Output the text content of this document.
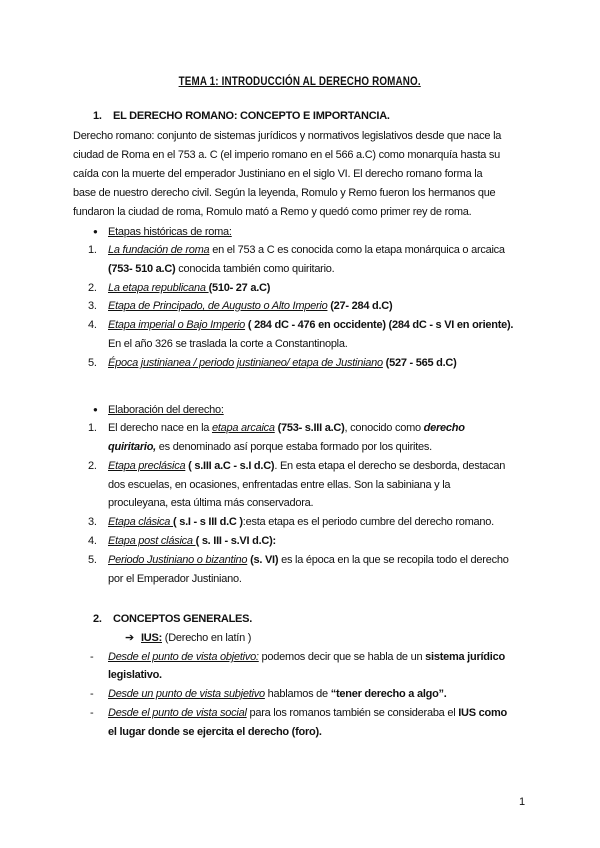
TEMA 1: INTRODUCCIÓN AL DERECHO ROMANO.
1. EL DERECHO ROMANO: CONCEPTO E IMPORTANCIA.
Derecho romano: conjunto de sistemas jurídicos y normativos legislativos desde que nace la
ciudad de Roma en el 753 a. C (el imperio romano en el 566 a.C) como monarquía hasta su
caída con la muerte del emperador Justiniano en el siglo VI. El derecho romano forma la
base de nuestro derecho civil. Según la leyenda, Romulo y Remo fueron los hermanos que
fundaron la ciudad de roma, Romulo mató a Remo y quedó como primer rey de roma.
● Etapas históricas de roma:
1. La fundación de roma en el 753 a C es conocida como la etapa monárquica o arcaica
(753- 510 a.C) conocida también como quiritario.
2. La etapa republicana (510- 27 a.C)
3. Etapa de Principado, de Augusto o Alto Imperio (27- 284 d.C)
4. Etapa imperial o Bajo Imperio ( 284 dC - 476 en occidente) (284 dC - s VI en oriente).
En el año 326 se traslada la corte a Constantinopla.
5. Época justinianea / periodo justinianeo/ etapa de Justiniano (527 - 565 d.C)
● Elaboración del derecho:
1. El derecho nace en la etapa arcaica (753- s.III a.C), conocido como derecho
quiritario, es denominado así porque estaba formado por los quirites.
2. Etapa preclásica ( s.III a.C - s.I d.C). En esta etapa el derecho se desborda, destacan
dos escuelas, en ocasiones, enfrentadas entre ellas. Son la sabiniana y la
proculeyana, esta última más conservadora.
3. Etapa clásica ( s.I - s III d.C ):esta etapa es el periodo cumbre del derecho romano.
4. Etapa post clásica ( s. III - s.VI d.C):
5. Periodo Justiniano o bizantino (s. VI) es la época en la que se recopila todo el derecho
por el Emperador Justiniano.
2. CONCEPTOS GENERALES.
➔ IUS: (Derecho en latín )
- Desde el punto de vista objetivo: podemos decir que se habla de un sistema jurídico
legislativo.
- Desde un punto de vista subjetivo hablamos de “tener derecho a algo”.
- Desde el punto de vista social para los romanos también se consideraba el IUS como
el lugar donde se ejercita el derecho (foro).
1
